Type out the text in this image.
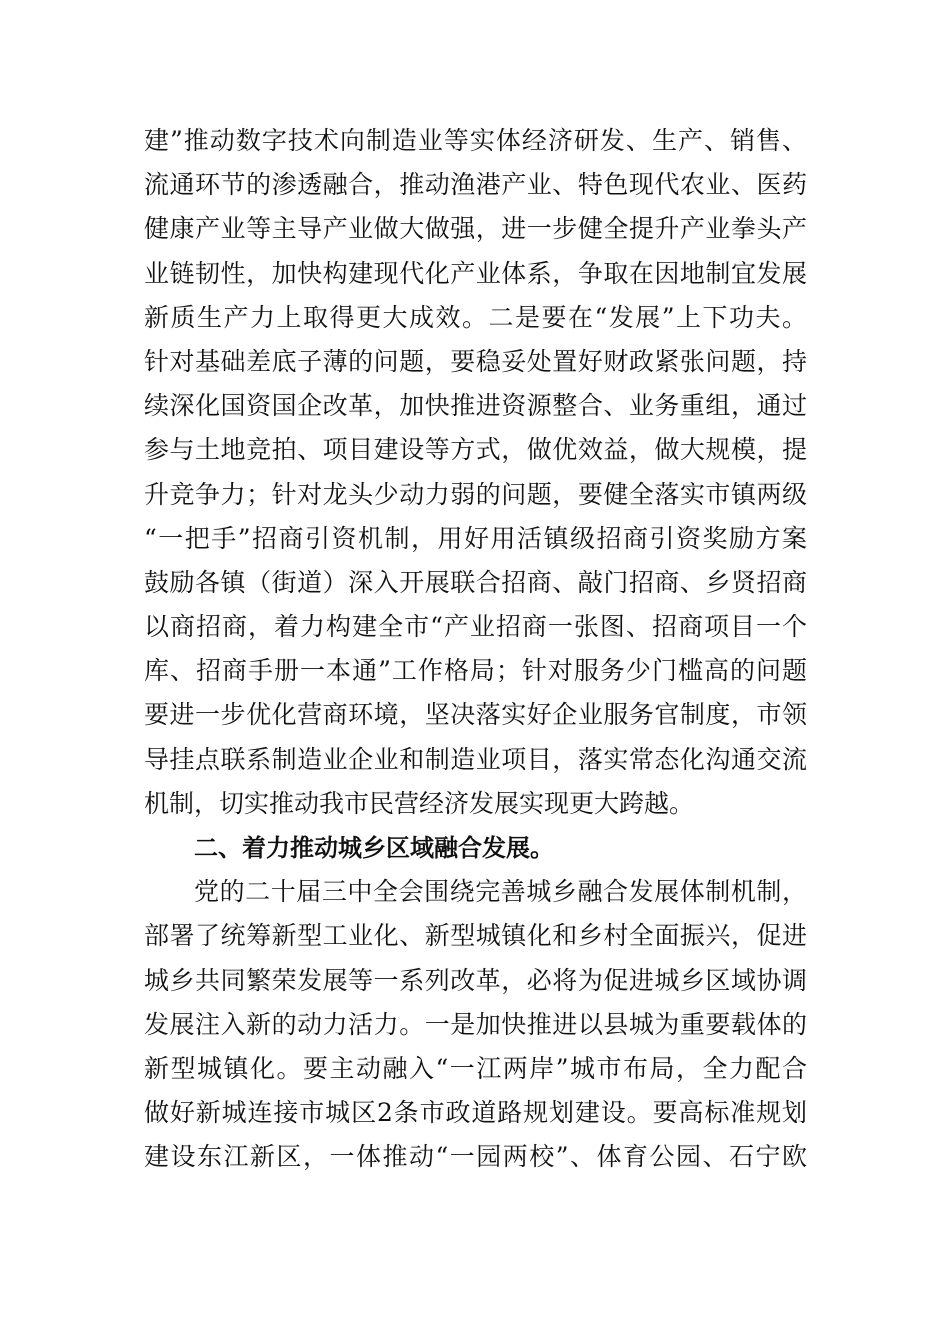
建”推动数字技术向制造业等实体经济研发、生产、销售、
流通环节的渗透融合，推动渔港产业、特色现代农业、医药
健康产业等主导产业做大做强，进一步健全提升产业拳头产
业链韧性，加快构建现代化产业体系，争取在因地制宜发展
新质生产力上取得更大成效。二是要在“发展”上下功夫。
针对基础差底子薄的问题，要稳妥处置好财政紧张问题，持
续深化国资国企改革，加快推进资源整合、业务重组，通过
参与土地竞拍、项目建设等方式，做优效益，做大规模，提
升竞争力；针对龙头少动力弱的问题，要健全落实市镇两级
“一把手”招商引资机制，用好用活镇级招商引资奖励方案
鼓励各镇（街道）深入开展联合招商、敲门招商、乡贤招商
以商招商，着力构建全市“产业招商一张图、招商项目一个
库、招商手册一本通”工作格局；针对服务少门槛高的问题
要进一步优化营商环境，坚决落实好企业服务官制度，市领
导挂点联系制造业企业和制造业项目，落实常态化沟通交流
机制，切实推动我市民营经济发展实现更大跨越。
二、着力推动城乡区域融合发展。
党的二十届三中全会围绕完善城乡融合发展体制机制，
部署了统筹新型工业化、新型城镇化和乡村全面振兴，促进
城乡共同繁荣发展等一系列改革，必将为促进城乡区域协调
发展注入新的动力活力。一是加快推进以县城为重要载体的
新型城镇化。要主动融入“一江两岸”城市布局，全力配合
做好新城连接市城区2条市政道路规划建设。要高标准规划
建设东江新区，一体推动“一园两校”、体育公园、石宁欧
